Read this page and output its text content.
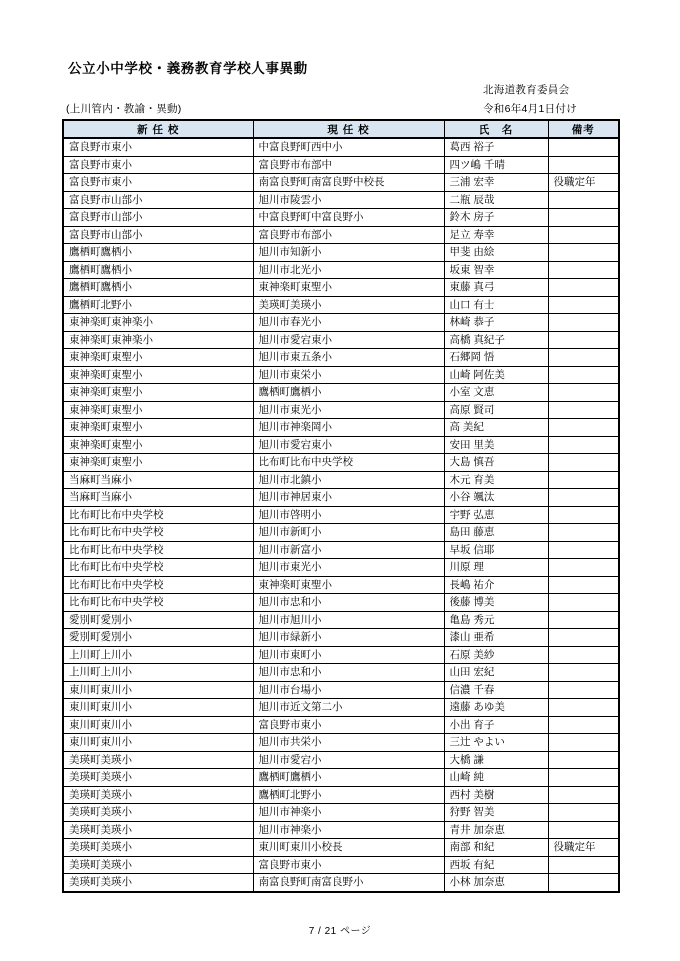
公立小中学校・義務教育学校人事異動
北海道教育委員会
(上川管内・教諭・異動)	令和6年4月1日付け
新 任 校	現 任 校	氏　名	備考
富良野市東小	中富良野町西中小	葛西 裕子	
富良野市東小	富良野市布部中	四ツ嶋 千晴	
富良野市東小	南富良野町南富良野中校長	三浦 宏幸	役職定年
富良野市山部小	旭川市陵雲小	二瓶 辰哉	
富良野市山部小	中富良野町中富良野小	鈴木 房子	
富良野市山部小	富良野市布部小	足立 寿幸	
鷹栖町鷹栖小	旭川市知新小	甲斐 由絵	
鷹栖町鷹栖小	旭川市北光小	坂東 智幸	
鷹栖町鷹栖小	東神楽町東聖小	東藤 真弓	
鷹栖町北野小	美瑛町美瑛小	山口 有士	
東神楽町東神楽小	旭川市春光小	林崎 恭子	
東神楽町東神楽小	旭川市愛宕東小	高橋 真紀子	
東神楽町東聖小	旭川市東五条小	石郷岡 悟	
東神楽町東聖小	旭川市東栄小	山崎 阿佐美	
東神楽町東聖小	鷹栖町鷹栖小	小室 文恵	
東神楽町東聖小	旭川市東光小	高原 賢司	
東神楽町東聖小	旭川市神楽岡小	高 美紀	
東神楽町東聖小	旭川市愛宕東小	安田 里美	
東神楽町東聖小	比布町比布中央学校	大島 慎吾	
当麻町当麻小	旭川市北鎮小	木元 育美	
当麻町当麻小	旭川市神居東小	小谷 颯汰	
比布町比布中央学校	旭川市啓明小	宇野 弘恵	
比布町比布中央学校	旭川市新町小	島田 藤恵	
比布町比布中央学校	旭川市新富小	早坂 信耶	
比布町比布中央学校	旭川市東光小	川原 理	
比布町比布中央学校	東神楽町東聖小	長嶋 祐介	
比布町比布中央学校	旭川市忠和小	後藤 博美	
愛別町愛別小	旭川市旭川小	亀島 秀元	
愛別町愛別小	旭川市緑新小	漆山 亜希	
上川町上川小	旭川市東町小	石原 美紗	
上川町上川小	旭川市忠和小	山田 宏紀	
東川町東川小	旭川市台場小	信濃 千春	
東川町東川小	旭川市近文第二小	遠藤 あゆ美	
東川町東川小	富良野市東小	小出 育子	
東川町東川小	旭川市共栄小	三辻 やよい	
美瑛町美瑛小	旭川市愛宕小	大橋 謙	
美瑛町美瑛小	鷹栖町鷹栖小	山崎 純	
美瑛町美瑛小	鷹栖町北野小	西村 美樹	
美瑛町美瑛小	旭川市神楽小	狩野 智美	
美瑛町美瑛小	旭川市神楽小	青井 加奈恵	
美瑛町美瑛小	東川町東川小校長	南部 和紀	役職定年
美瑛町美瑛小	富良野市東小	西坂 有紀	
美瑛町美瑛小	南富良野町南富良野小	小林 加奈恵	
7 / 21 ページ
